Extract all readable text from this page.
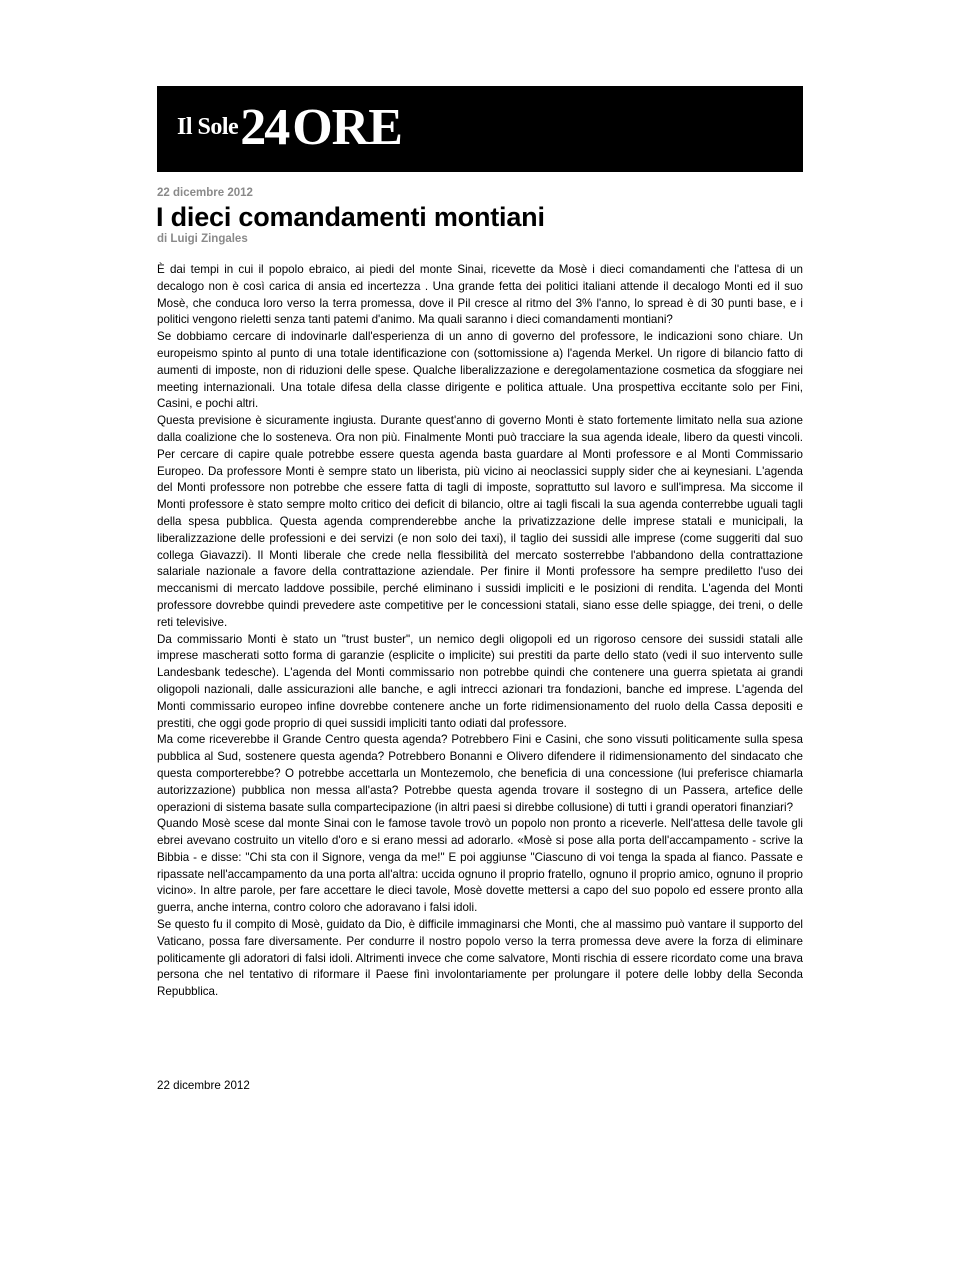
Il Sole24ORE
22 dicembre 2012
I dieci comandamenti montiani
di Luigi Zingales

È dai tempi in cui il popolo ebraico, ai piedi del monte Sinai, ricevette da Mosè i dieci comandamenti che l'attesa di un decalogo non è così carica di ansia ed incertezza . Una grande fetta dei politici italiani attende il decalogo Monti ed il suo Mosè, che conduca loro verso la terra promessa, dove il Pil cresce al ritmo del 3% l'anno, lo spread è di 30 punti base, e i politici vengono rieletti senza tanti patemi d'animo. Ma quali saranno i dieci comandamenti montiani?

Se dobbiamo cercare di indovinarle dall'esperienza di un anno di governo del professore, le indicazioni sono chiare. Un europeismo spinto al punto di una totale identificazione con (sottomissione a) l'agenda Merkel. Un rigore di bilancio fatto di aumenti di imposte, non di riduzioni delle spese. Qualche liberalizzazione e deregolamentazione cosmetica da sfoggiare nei meeting internazionali. Una totale difesa della classe dirigente e politica attuale. Una prospettiva eccitante solo per Fini, Casini, e pochi altri.

Questa previsione è sicuramente ingiusta. Durante quest'anno di governo Monti è stato fortemente limitato nella sua azione dalla coalizione che lo sosteneva. Ora non più. Finalmente Monti può tracciare la sua agenda ideale, libero da questi vincoli. Per cercare di capire quale potrebbe essere questa agenda basta guardare al Monti professore e al Monti Commissario Europeo. Da professore Monti è sempre stato un liberista, più vicino ai neoclassici supply sider che ai keynesiani. L'agenda del Monti professore non potrebbe che essere fatta di tagli di imposte, soprattutto sul lavoro e sull'impresa. Ma siccome il Monti professore è stato sempre molto critico dei deficit di bilancio, oltre ai tagli fiscali la sua agenda conterrebbe uguali tagli della spesa pubblica. Questa agenda comprenderebbe anche la privatizzazione delle imprese statali e municipali, la liberalizzazione delle professioni e dei servizi (e non solo dei taxi), il taglio dei sussidi alle imprese (come suggeriti dal suo collega Giavazzi). Il Monti liberale che crede nella flessibilità del mercato sosterrebbe l'abbandono della contrattazione salariale nazionale a favore della contrattazione aziendale. Per finire il Monti professore ha sempre prediletto l'uso dei meccanismi di mercato laddove possibile, perché eliminano i sussidi impliciti e le posizioni di rendita. L'agenda del Monti professore dovrebbe quindi prevedere aste competitive per le concessioni statali, siano esse delle spiagge, dei treni, o delle reti televisive.

Da commissario Monti è stato un "trust buster", un nemico degli oligopoli ed un rigoroso censore dei sussidi statali alle imprese mascherati sotto forma di garanzie (esplicite o implicite) sui prestiti da parte dello stato (vedi il suo intervento sulle Landesbank tedesche). L'agenda del Monti commissario non potrebbe quindi che contenere una guerra spietata ai grandi oligopoli nazionali, dalle assicurazioni alle banche, e agli intrecci azionari tra fondazioni, banche ed imprese. L'agenda del Monti commissario europeo infine dovrebbe contenere anche un forte ridimensionamento del ruolo della Cassa depositi e prestiti, che oggi gode proprio di quei sussidi impliciti tanto odiati dal professore.

Ma come riceverebbe il Grande Centro questa agenda? Potrebbero Fini e Casini, che sono vissuti politicamente sulla spesa pubblica al Sud, sostenere questa agenda? Potrebbero Bonanni e Olivero difendere il ridimensionamento del sindacato che questa comporterebbe? O potrebbe accettarla un Montezemolo, che beneficia di una concessione (lui preferisce chiamarla autorizzazione) pubblica non messa all'asta? Potrebbe questa agenda trovare il sostegno di un Passera, artefice delle operazioni di sistema basate sulla compartecipazione (in altri paesi si direbbe collusione) di tutti i grandi operatori finanziari?

Quando Mosè scese dal monte Sinai con le famose tavole trovò un popolo non pronto a riceverle. Nell'attesa delle tavole gli ebrei avevano costruito un vitello d'oro e si erano messi ad adorarlo. «Mosè si pose alla porta dell'accampamento - scrive la Bibbia - e disse: "Chi sta con il Signore, venga da me!" E poi aggiunse "Ciascuno di voi tenga la spada al fianco. Passate e ripassate nell'accampamento da una porta all'altra: uccida ognuno il proprio fratello, ognuno il proprio amico, ognuno il proprio vicino». In altre parole, per fare accettare le dieci tavole, Mosè dovette mettersi a capo del suo popolo ed essere pronto alla guerra, anche interna, contro coloro che adoravano i falsi idoli.

Se questo fu il compito di Mosè, guidato da Dio, è difficile immaginarsi che Monti, che al massimo può vantare il supporto del Vaticano, possa fare diversamente. Per condurre il nostro popolo verso la terra promessa deve avere la forza di eliminare politicamente gli adoratori di falsi idoli. Altrimenti invece che come salvatore, Monti rischia di essere ricordato come una brava persona che nel tentativo di riformare il Paese finì involontariamente per prolungare il potere delle lobby della Seconda Repubblica.

22 dicembre 2012
